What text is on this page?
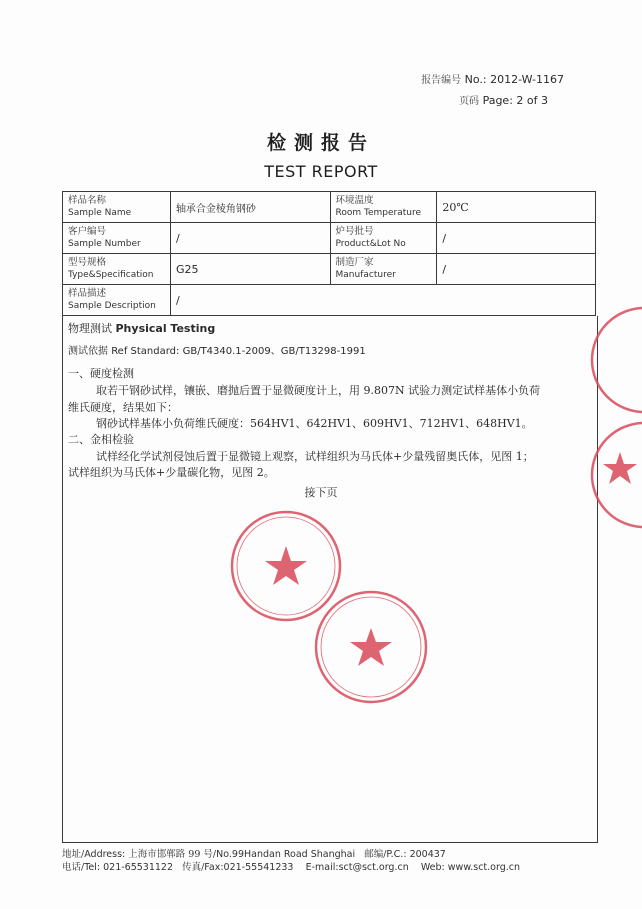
报告编号 No.: 2012-W-1167
页码 Page: 2 of 3
检测报告
TEST REPORT
样品名称
Sample Name	轴承合金棱角钢砂	环境温度
Room Temperature	20℃

客户编号
Sample Number	/	炉号批号
Product&Lot No	/

型号规格
Type&Specification	G25	制造厂家
Manufacturer	/

样品描述
Sample Description	/		
物理测试 Physical Testing
测试依据 Ref Standard: GB/T4340.1-2009、GB/T13298-1991
一、硬度检测
取若干钢砂试样，镶嵌、磨抛后置于显微硬度计上，用 9.807N 试验力测定试样基体小负荷
维氏硬度，结果如下：
钢砂试样基体小负荷维氏硬度：564HV1、642HV1、609HV1、712HV1、648HV1。
二、金相检验
试样经化学试剂侵蚀后置于显微镜上观察，试样组织为马氏体+少量残留奥氏体，见图 1；
试样组织为马氏体+少量碳化物，见图 2。
接下页
地址/Address: 上海市邯郸路 99 号/No.99Handan Road Shanghai 邮编/P.C.: 200437
电话/Tel: 021-65531122 传真/Fax:021-55541233 E-mail:sct@sct.org.cn Web: www.sct.org.cn
